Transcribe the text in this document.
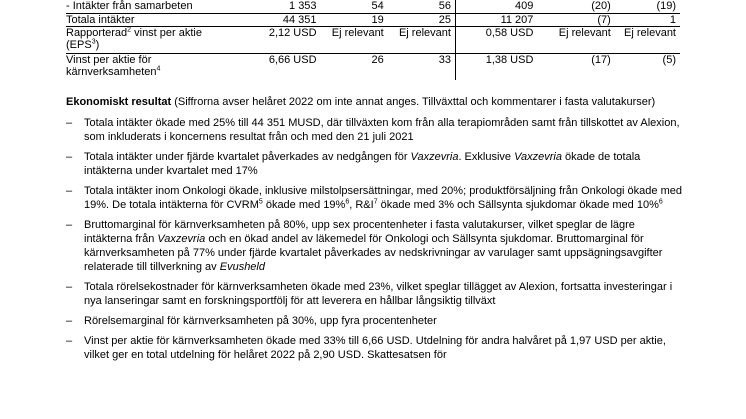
- Intäkter från samarbeten	1 353	54	56	409	(20)	(19)
Totala intäkter	44 351	19	25	11 207	(7)	1
Rapporterad$^2$ vinst per aktie (EPS$^3$)	2,12 USD	Ej relevant	Ej relevant	0,58 USD	Ej relevant	Ej relevant
Vinst per aktie för kärnverksamheten$^4$	6,66 USD	26	33	1,38 USD	(17)	(5)

Ekonomiskt resultat (Siffrorna avser helåret 2022 om inte annat anges. Tillväxttal och kommentarer i fasta valutakurser)

– Totala intäkter ökade med 25% till 44 351 MUSD, där tillväxten kom från alla terapiområden samt från tillskottet av Alexion, som inkluderats i koncernens resultat från och med den 21 juli 2021
– Totala intäkter under fjärde kvartalet påverkades av nedgången för Vaxzevria. Exklusive Vaxzevria ökade de totala intäkterna under kvartalet med 17%
– Totala intäkter inom Onkologi ökade, inklusive milstolpsersättningar, med 20%; produktförsäljning från Onkologi ökade med 19%. De totala intäkterna för CVRM$^5$ ökade med 19%$^6$, $R\&I^7$ ökade med 3% och Sällsynta sjukdomar ökade med 10%$^6$
– Bruttomarginal för kärnverksamheten på 80%, upp sex procentenheter i fasta valutakurser, vilket speglar de lägre intäkterna från Vaxzevria och en ökad andel av läkemedel för Onkologi och Sällsynta sjukdomar. Bruttomarginal för kärnverksamheten på 77% under fjärde kvartalet påverkades av nedskrivningar av varulager samt uppsägningsavgifter relaterade till tillverkning av Evusheld
– Totala rörelsekostnader för kärnverksamheten ökade med 23%, vilket speglar tillägget av Alexion, fortsatta investeringar i nya lanseringar samt en forskningsportfölj för att leverera en hållbar långsiktig tillväxt
– Rörelsemarginal för kärnverksamheten på 30%, upp fyra procentenheter
– Vinst per aktie för kärnverksamheten ökade med 33% till 6,66 USD. Utdelning för andra halvåret på 1,97 USD per aktie, vilket ger en total utdelning för helåret 2022 på 2,90 USD. Skattesatsen för
